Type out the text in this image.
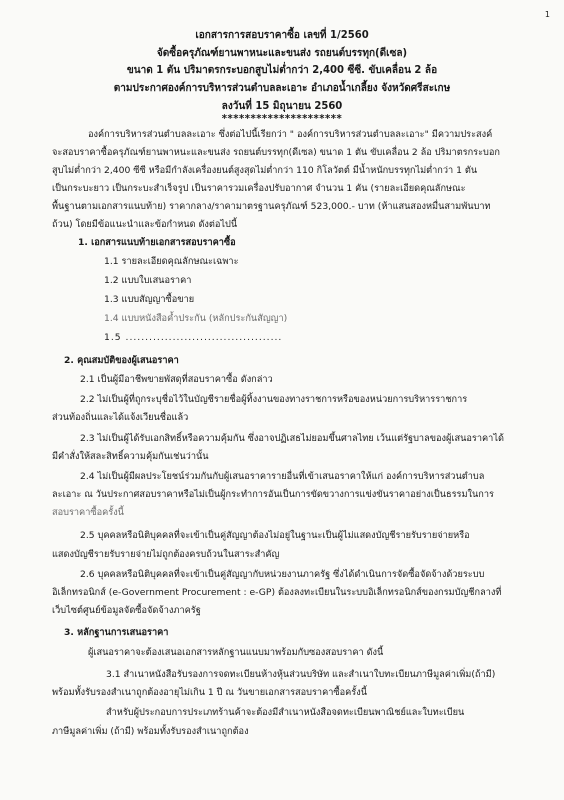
1
เอกสารการสอบราคาซื้อ เลขที่ 1/2560
จัดซื้อครุภัณฑ์ยานพาหนะและขนส่ง รถยนต์บรรทุก(ดีเซล)
ขนาด 1 ตัน ปริมาตรกระบอกสูบไม่ต่ำกว่า 2,400 ซีซี. ขับเคลื่อน 2 ล้อ
ตามประกาศองค์การบริหารส่วนตำบลละเอาะ อำเภอน้ำเกลี้ยง จังหวัดศรีสะเกษ
ลงวันที่ 15 มิถุนายน 2560
*********************
องค์การบริหารส่วนตำบลละเอาะ ซึ่งต่อไปนี้เรียกว่า " องค์การบริหารส่วนตำบลละเอาะ" มีความประสงค์
จะสอบราคาซื้อครุภัณฑ์ยานพาหนะและขนส่ง รถยนต์บรรทุก(ดีเซล) ขนาด 1 ตัน ขับเคลื่อน 2 ล้อ ปริมาตรกระบอก
สูบไม่ต่ำกว่า 2,400 ซีซี หรือมีกำลังเครื่องยนต์สูงสุดไม่ต่ำกว่า 110 กิโลวัตต์ มีน้ำหนักบรรทุกไม่ต่ำกว่า 1 ตัน
เป็นกระบะยาว เป็นกระบะสำเร็จรูป เป็นราคารวมเครื่องปรับอากาศ จำนวน 1 คัน (รายละเอียดคุณลักษณะ
พื้นฐานตามเอกสารแนบท้าย) ราคากลาง/ราคามาตรฐานครุภัณฑ์ 523,000.- บาท (ห้าแสนสองหมื่นสามพันบาท
ถ้วน) โดยมีข้อแนะนำและข้อกำหนด ดังต่อไปนี้
1. เอกสารแนบท้ายเอกสารสอบราคาซื้อ
1.1 รายละเอียดคุณลักษณะเฉพาะ
1.2 แบบใบเสนอราคา
1.3 แบบสัญญาซื้อขาย
1.4 แบบหนังสือค้ำประกัน (หลักประกันสัญญา)
1.5 ........................................
2. คุณสมบัติของผู้เสนอราคา
2.1 เป็นผู้มีอาชีพขายพัสดุที่สอบราคาซื้อ ดังกล่าว
2.2 ไม่เป็นผู้ที่ถูกระบุชื่อไว้ในบัญชีรายชื่อผู้ทิ้งงานของทางราชการหรือของหน่วยการบริหารราชการ
ส่วนท้องถิ่นและได้แจ้งเวียนชื่อแล้ว
2.3 ไม่เป็นผู้ได้รับเอกสิทธิ์หรือความคุ้มกัน ซึ่งอาจปฏิเสธไม่ยอมขึ้นศาลไทย เว้นแต่รัฐบาลของผู้เสนอราคาได้
มีคำสั่งให้สละสิทธิ์ความคุ้มกันเช่นว่านั้น
2.4 ไม่เป็นผู้มีผลประโยชน์ร่วมกันกับผู้เสนอราคารายอื่นที่เข้าเสนอราคาให้แก่ องค์การบริหารส่วนตำบล
ละเอาะ ณ วันประกาศสอบราคาหรือไม่เป็นผู้กระทำการอันเป็นการขัดขวางการแข่งขันราคาอย่างเป็นธรรมในการ
สอบราคาซื้อครั้งนี้
2.5 บุคคลหรือนิติบุคคลที่จะเข้าเป็นคู่สัญญาต้องไม่อยู่ในฐานะเป็นผู้ไม่แสดงบัญชีรายรับรายจ่ายหรือ
แสดงบัญชีรายรับรายจ่ายไม่ถูกต้องครบถ้วนในสาระสำคัญ
2.6 บุคคลหรือนิติบุคคลที่จะเข้าเป็นคู่สัญญากับหน่วยงานภาครัฐ ซึ่งได้ดำเนินการจัดซื้อจัดจ้างด้วยระบบ
อิเล็กทรอนิกส์ (e-Government Procurement : e-GP) ต้องลงทะเบียนในระบบอิเล็กทรอนิกส์ของกรมบัญชีกลางที่
เว็บไซต์ศูนย์ข้อมูลจัดซื้อจัดจ้างภาครัฐ
3. หลักฐานการเสนอราคา
ผู้เสนอราคาจะต้องเสนอเอกสารหลักฐานแนบมาพร้อมกับซองสอบราคา ดังนี้
3.1 สำเนาหนังสือรับรองการจดทะเบียนห้างหุ้นส่วนบริษัท และสำเนาใบทะเบียนภาษีมูลค่าเพิ่ม(ถ้ามี)
พร้อมทั้งรับรองสำเนาถูกต้องอายุไม่เกิน 1 ปี ณ วันขายเอกสารสอบราคาซื้อครั้งนี้
สำหรับผู้ประกอบการประเภทร้านค้าจะต้องมีสำเนาหนังสือจดทะเบียนพาณิชย์และใบทะเบียน
ภาษีมูลค่าเพิ่ม (ถ้ามี) พร้อมทั้งรับรองสำเนาถูกต้อง
